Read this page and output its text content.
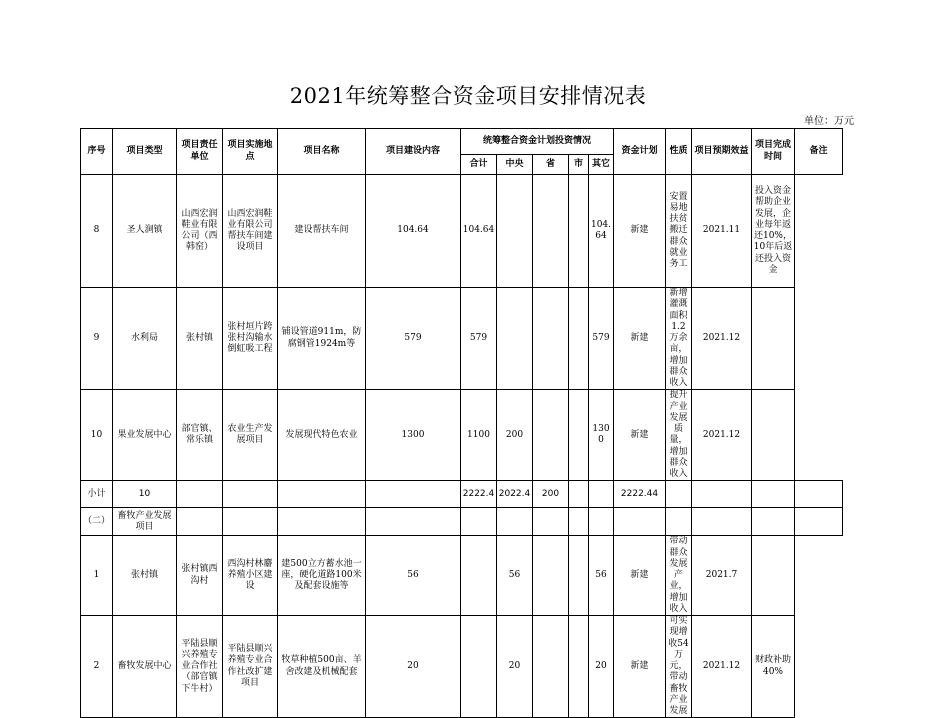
2021年统筹整合资金项目安排情况表
单位：万元
序号	项目类型	项目责任单位	项目实施地点	项目名称	项目建设内容	统筹整合资金计划投资情况					资金计划	性质	项目预期效益	项目完成时间	备注
						合计	中央	省	市	其它					
8	圣人涧镇	山西宏润鞋业有限公司（西韩窑）	山西宏润鞋业有限公司帮扶车间建设项目	建设帮扶车间	104.64	104.64				104.64	新建	安置易地扶贫搬迁群众就业务工	2021.11	投入资金帮助企业发展，企业每年返还10%，10年后返还投入资金	
9	水利局	张村镇	张村垣片跨张村沟输水倒虹吸工程	铺设管道911m，防腐钢管1924m等	579	579				579	新建	新增灌溉面积1.2万余亩，增加群众收入	2021.12		
10	果业发展中心	部官镇、常乐镇	农业生产发展项目	发展现代特色农业	1300	1100	200			1300	新建	提升产业发展质量，增加群众收入	2021.12		
小计	10					2222.4	2022.4	200			2222.44				
（二）	畜牧产业发展项目														
1	张村镇	张村镇西沟村	西沟村林麝养殖小区建设	建500立方蓄水池一座，硬化道路100米及配套设施等	56		56			56	新建	带动群众发展产业，增加收入	2021.7		
2	畜牧发展中心	平陆县顺兴养殖专业合作社（部官镇下牛村）	平陆县顺兴养殖专业合作社改扩建项目	牧草种植500亩、羊舍改建及机械配套	20		20			20	新建	可实现增收54万元，带动畜牧产业发展	2021.12	财政补助40%	
